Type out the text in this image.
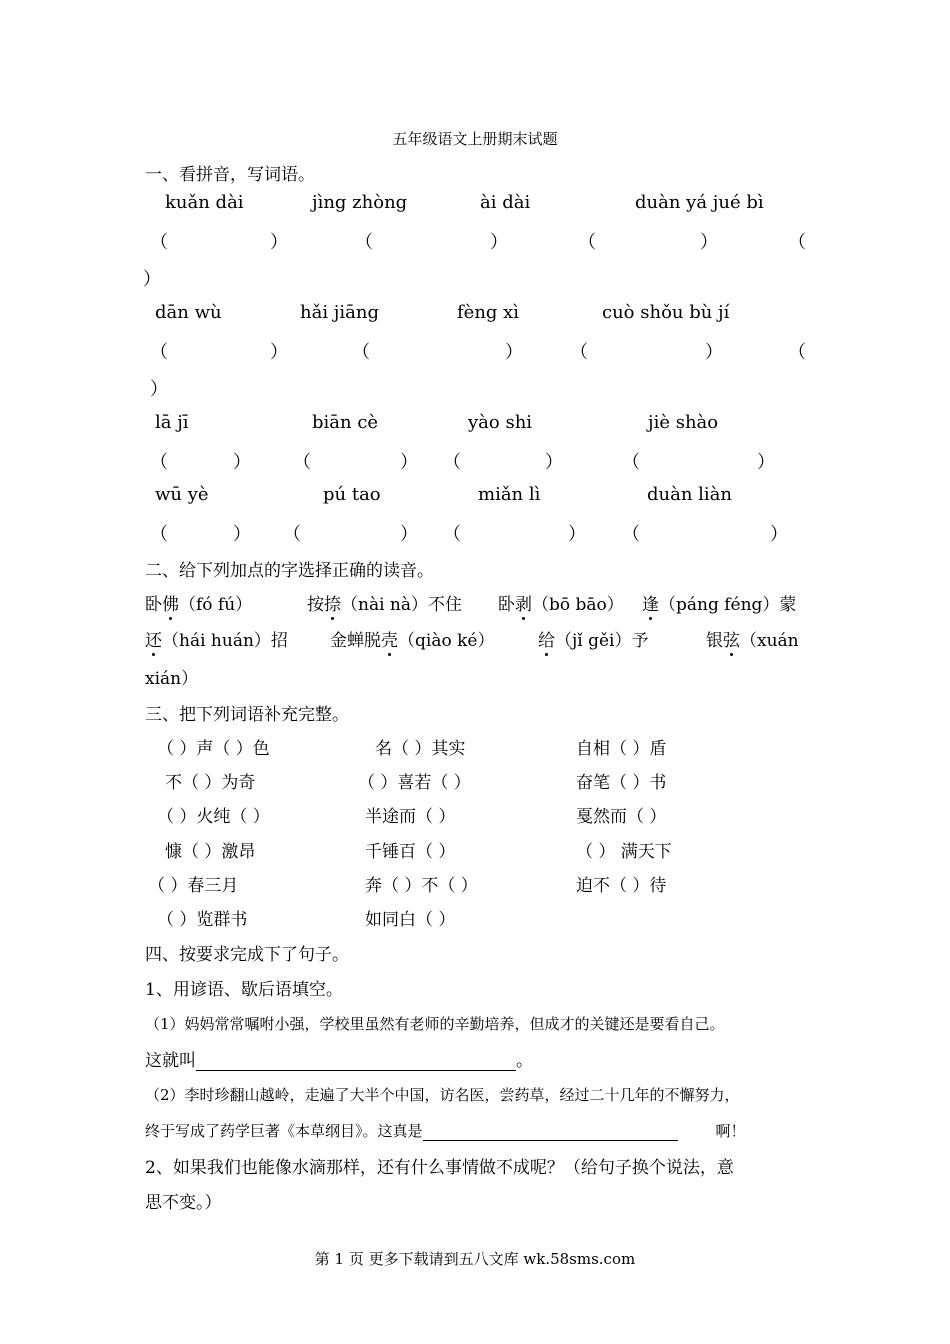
五年级语文上册期末试题
一、看拼音，写词语。
kuǎn dài	jìng zhòng	ài dài	duàn yá jué bì
（	）	（	）	（	）	（
）
dān wù	hǎi jiāng	fèng xì	cuò shǒu bù jí
（	）	（	）	（	）	（
）
lā jī	biān cè	yào shi	jiè shào
（	） （	） （	）	（	）
wū yè	pú tao	miǎn lì	duàn liàn
（	） （	） （	） （	）
二、给下列加点的字选择正确的读音。
卧佛（fó fú）	按捺（nài nà）不住 卧剥（bō bāo） 逢（páng féng）蒙
还（hái huán）招 金蝉脱壳（qiào ké）	给（jǐ gěi）予	银弦（xuán
xián）
三、把下列词语补充完整。
（ ）声（ ）色	名（ ）其实	自相（ ）盾
不（ ）为奇	（ ）喜若（ ）	奋笔（ ）书
（ ）火纯（ ）	半途而（ ）	戛然而（ ）
慷（ ）激昂	千锤百（ ）	（ ） 满天下
（ ）春三月	奔（ ）不（ ）	迫不（ ）待
（ ）览群书	如同白（ ）
四、按要求完成下了句子。
1、用谚语、歇后语填空。
（1）妈妈常常嘱咐小强，学校里虽然有老师的辛勤培养，但成才的关键还是要看自己。
这就叫	。
（2）李时珍翻山越岭，走遍了大半个中国，访名医，尝药草，经过二十几年的不懈努力，
终于写成了药学巨著《本草纲目》。这真是	啊！
2、如果我们也能像水滴那样，还有什么事情做不成呢？（给句子换个说法，意
思不变。）
第 1 页 更多下载请到五八文库 wk.58sms.com
